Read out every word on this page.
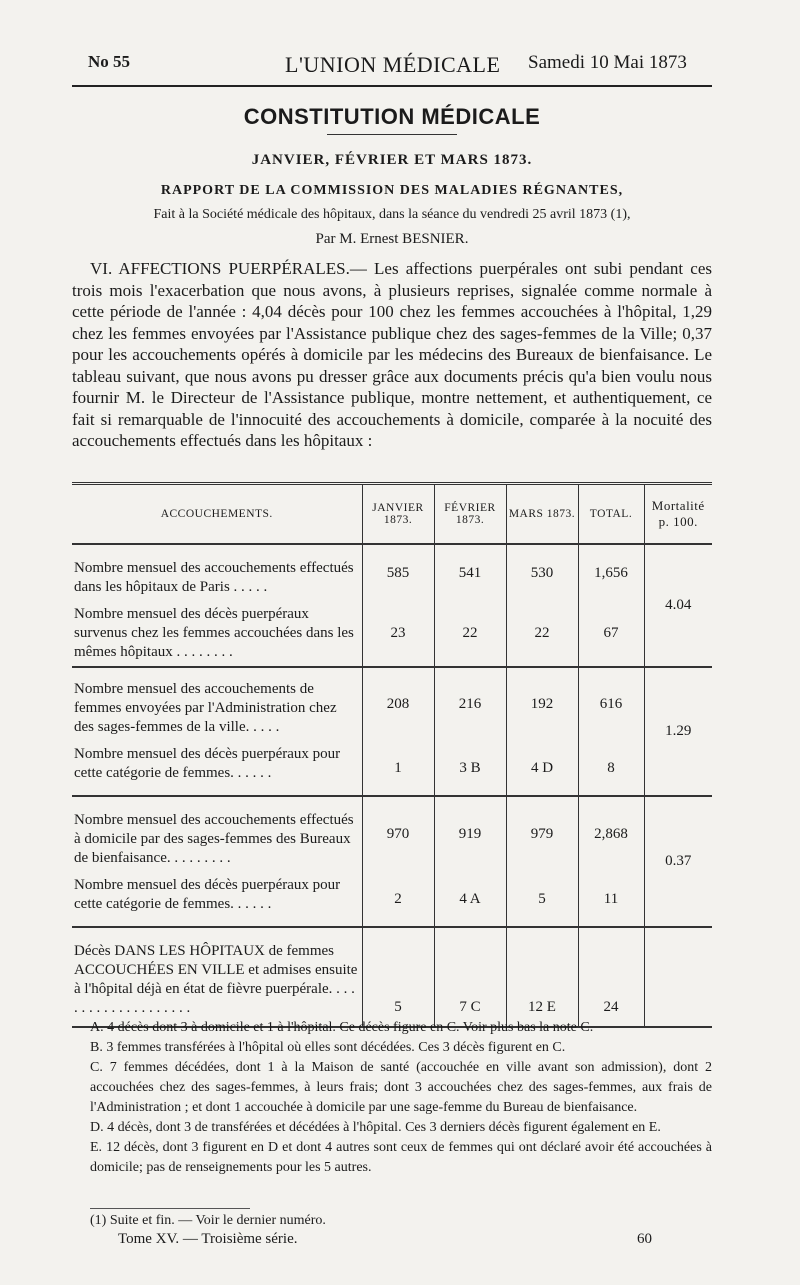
No 55	L'UNION MÉDICALE Samedi 10 Mai 1873
CONSTITUTION MÉDICALE
JANVIER, FÉVRIER ET MARS 1873.
RAPPORT DE LA COMMISSION DES MALADIES RÉGNANTES,
Fait à la Société médicale des hôpitaux, dans la séance du vendredi 25 avril 1873 (1),
Par M. Ernest BESNIER.
VI. AFFECTIONS PUERPÉRALES.— Les affections puerpérales ont subi pendant ces trois mois l'exacerbation que nous avons, à plusieurs reprises, signalée comme normale à cette période de l'année : 4,04 décès pour 100 chez les femmes accouchées à l'hôpital, 1,29 chez les femmes envoyées par l'Assistance publique chez des sages-femmes de la Ville; 0,37 pour les accouchements opérés à domicile par les médecins des Bureaux de bienfaisance. Le tableau suivant, que nous avons pu dresser grâce aux documents précis qu'a bien voulu nous fournir M. le Directeur de l'Assistance publique, montre nettement, et authentiquement, ce fait si remarquable de l'innocuité des accouchements à domicile, comparée à la nocuité des accouchements effectués dans les hôpitaux :
ACCOUCHEMENTS.	JANVIER 1873.	FÉVRIER 1873.	MARS 1873.	TOTAL.	Mortalité p. 100.
Nombre mensuel des accouchements effectués dans les hôpitaux de Paris . . . . .	585	541	530	1,656	4.04
Nombre mensuel des décès puerpéraux survenus chez les femmes accouchées dans les mêmes hôpitaux . . . . . . . .	23	22	22	67	
Nombre mensuel des accouchements de femmes envoyées par l'Administration chez des sages-femmes de la ville. . . . .	208	216	192	616	1.29
Nombre mensuel des décès puerpéraux pour cette catégorie de femmes. . . . . .	1	3 B	4 D	8	
Nombre mensuel des accouchements effectués à domicile par des sages-femmes des Bureaux de bienfaisance. . . . . . . . .	970	919	979	2,868	0.37
Nombre mensuel des décès puerpéraux pour cette catégorie de femmes. . . . . .	2	4 A	5	11	
Décès DANS LES HÔPITAUX de femmes ACCOUCHÉES EN VILLE et admises ensuite à l'hôpital déjà en état de fièvre puerpérale. . . . . . . . . . . . . . . . . . . .	5	7 C	12 E	24	
A. 4 décès dont 3 à domicile et 1 à l'hôpital. Ce décès figure en C. Voir plus bas la note C.
B. 3 femmes transférées à l'hôpital où elles sont décédées. Ces 3 décès figurent en C.
C. 7 femmes décédées, dont 1 à la Maison de santé (accouchée en ville avant son admission), dont 2 accouchées chez des sages-femmes, à leurs frais; dont 3 accouchées chez des sages-femmes, aux frais de l'Administration ; et dont 1 accouchée à domicile par une sage-femme du Bureau de bienfaisance.
D. 4 décès, dont 3 de transférées et décédées à l'hôpital. Ces 3 derniers décès figurent également en E.
E. 12 décès, dont 3 figurent en D et dont 4 autres sont ceux de femmes qui ont déclaré avoir été accouchées à domicile; pas de renseignements pour les 5 autres.
(1) Suite et fin. — Voir le dernier numéro.
Tome XV. — Troisième série.	60
